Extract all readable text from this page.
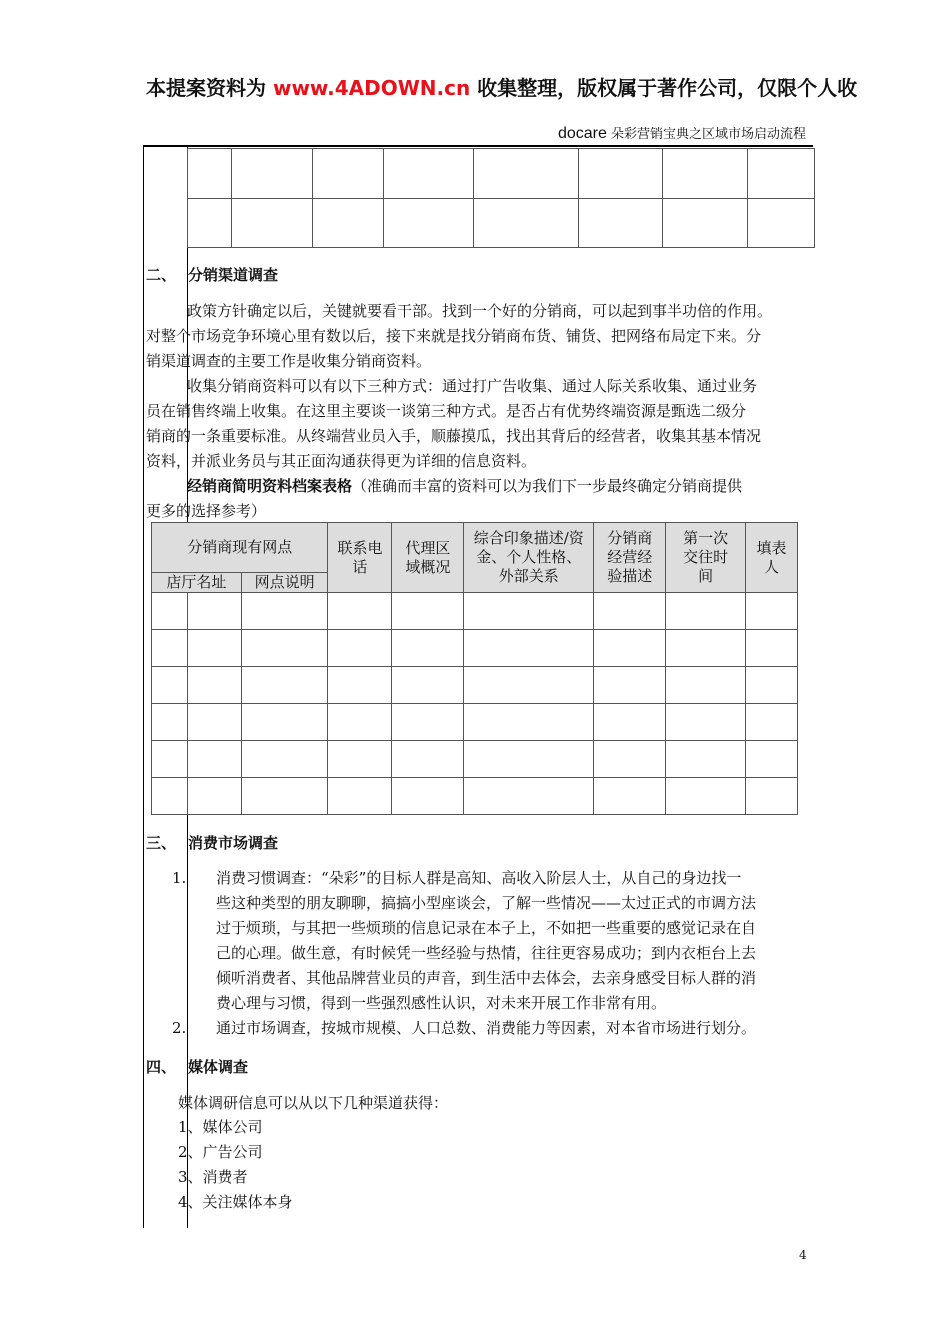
本提案资料为 www.4ADOWN.cn 收集整理，版权属于著作公司，仅限个人收
docare 朵彩营销宝典之区域市场启动流程

二、 分销渠道调查
经销商简明资料档案表格（准确而丰富的资料可以为我们下一步最终确定分销商提供
更多的选择参考）
分销商现有网点			联系电话	代理区域概况	综合印象描述/资金、个人性格、外部关系	分销商经营经验描述	第一次交往时间	填表人

店厅名址		网点说明						

三、 消费市场调查
四、 媒体调查
媒体调研信息可以从以下几种渠道获得：
4
政策方针确定以后，关键就要看干部。找到一个好的分销商，可以起到事半功倍的作用。
对整个市场竞争环境心里有数以后，接下来就是找分销商布货、铺货、把网络布局定下来。分
销渠道调查的主要工作是收集分销商资料。
收集分销商资料可以有以下三种方式：通过打广告收集、通过人际关系收集、通过业务
员在销售终端上收集。在这里主要谈一谈第三种方式。是否占有优势终端资源是甄选二级分
销商的一条重要标准。从终端营业员入手，顺藤摸瓜，找出其背后的经营者，收集其基本情况
资料，并派业务员与其正面沟通获得更为详细的信息资料。
1. 消费习惯调查：“朵彩”的目标人群是高知、高收入阶层人士，从自己的身边找一
些这种类型的朋友聊聊，搞搞小型座谈会，了解一些情况——太过正式的市调方法
过于烦琐，与其把一些烦琐的信息记录在本子上，不如把一些重要的感觉记录在自
己的心理。做生意，有时候凭一些经验与热情，往往更容易成功；到内衣柜台上去
倾听消费者、其他品牌营业员的声音，到生活中去体会，去亲身感受目标人群的消
费心理与习惯，得到一些强烈感性认识，对未来开展工作非常有用。
2. 通过市场调查，按城市规模、人口总数、消费能力等因素，对本省市场进行划分。
1、媒体公司
2、广告公司
3、消费者
4、关注媒体本身
